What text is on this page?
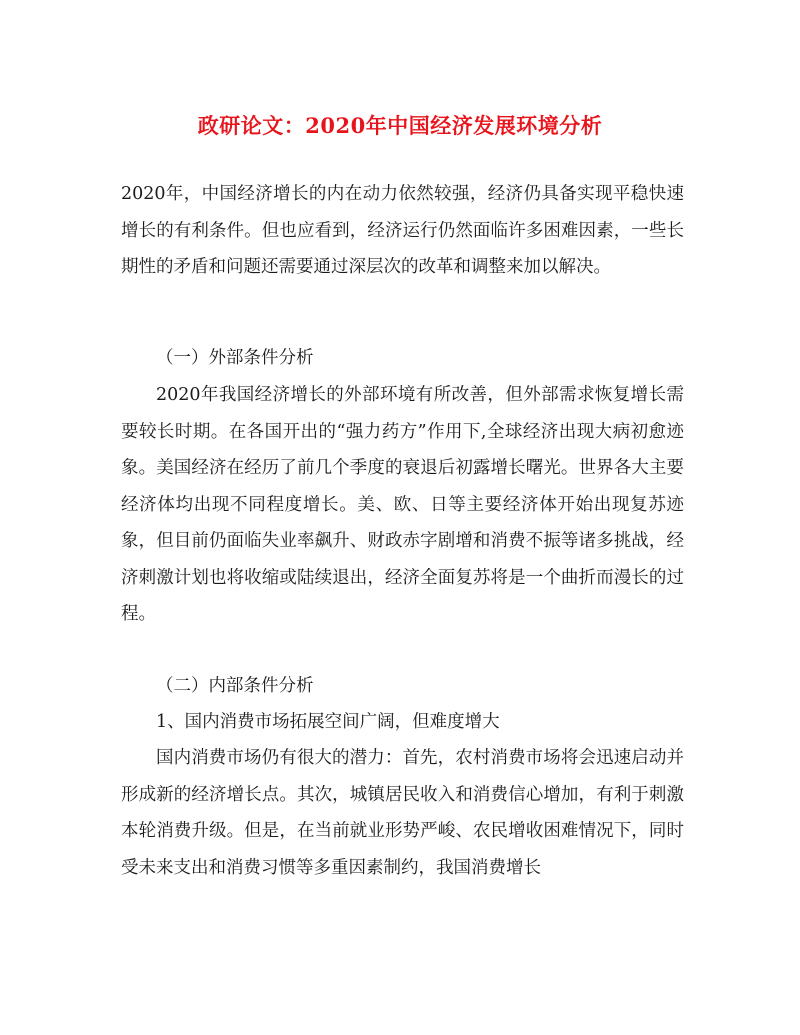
政研论文：2020年中国经济发展环境分析

2020年，中国经济增长的内在动力依然较强，经济仍具备实现平稳快速增长的有利条件。但也应看到，经济运行仍然面临许多困难因素，一些长期性的矛盾和问题还需要通过深层次的改革和调整来加以解决。

（一）外部条件分析

2020年我国经济增长的外部环境有所改善，但外部需求恢复增长需要较长时期。在各国开出的“强力药方”作用下,全球经济出现大病初愈迹象。美国经济在经历了前几个季度的衰退后初露增长曙光。世界各大主要经济体均出现不同程度增长。美、欧、日等主要经济体开始出现复苏迹象，但目前仍面临失业率飙升、财政赤字剧增和消费不振等诸多挑战，经济刺激计划也将收缩或陆续退出，经济全面复苏将是一个曲折而漫长的过程。

（二）内部条件分析

1、国内消费市场拓展空间广阔，但难度增大

国内消费市场仍有很大的潜力：首先，农村消费市场将会迅速启动并形成新的经济增长点。其次，城镇居民收入和消费信心增加，有利于刺激本轮消费升级。但是，在当前就业形势严峻、农民增收困难情况下，同时受未来支出和消费习惯等多重因素制约，我国消费增长
